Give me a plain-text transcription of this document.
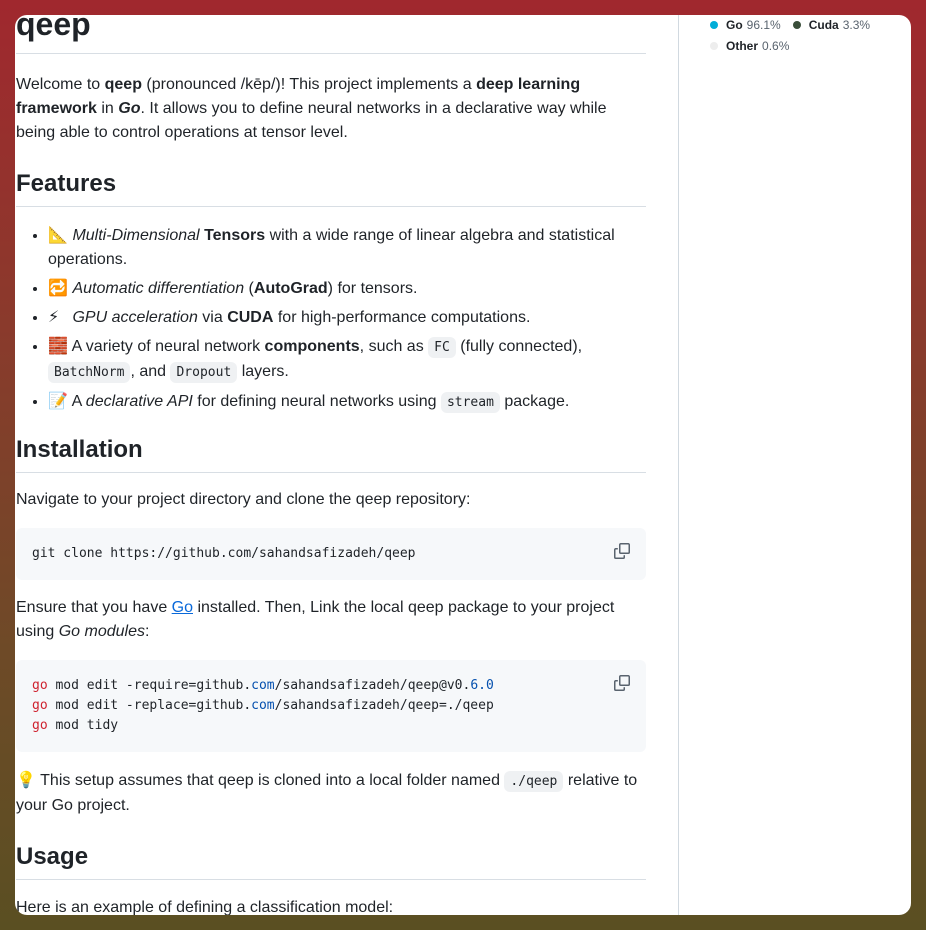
qeep

Welcome to qeep (pronounced /kēp/)! This project implements a deep learning framework in Go. It allows you to define neural networks in a declarative way while being able to control operations at tensor level.

Features
• 📐 Multi-Dimensional Tensors with a wide range of linear algebra and statistical operations.
• 🔁 Automatic differentiation (AutoGrad) for tensors.
• ⚡ GPU acceleration via CUDA for high-performance computations.
• 🧱 A variety of neural network components, such as FC (fully connected), BatchNorm , and Dropout layers.
• 📝 A declarative API for defining neural networks using stream package.
Installation

Navigate to your project directory and clone the qeep repository:

git clone https://github.com/sahandsafizadeh/qeep

Ensure that you have Go installed. Then, Link the local qeep package to your project using Go modules:

go mod edit -require=github.com/sahandsafizadeh/qeep@v0.6.0
go mod edit -replace=github.com/sahandsafizadeh/qeep=./qeep
go mod tidy

💡 This setup assumes that qeep is cloned into a local folder named ./qeep relative to your Go project.

Usage

Here is an example of defining a classification model:

Go 96.1% Cuda 3.3%
Other 0.6%
